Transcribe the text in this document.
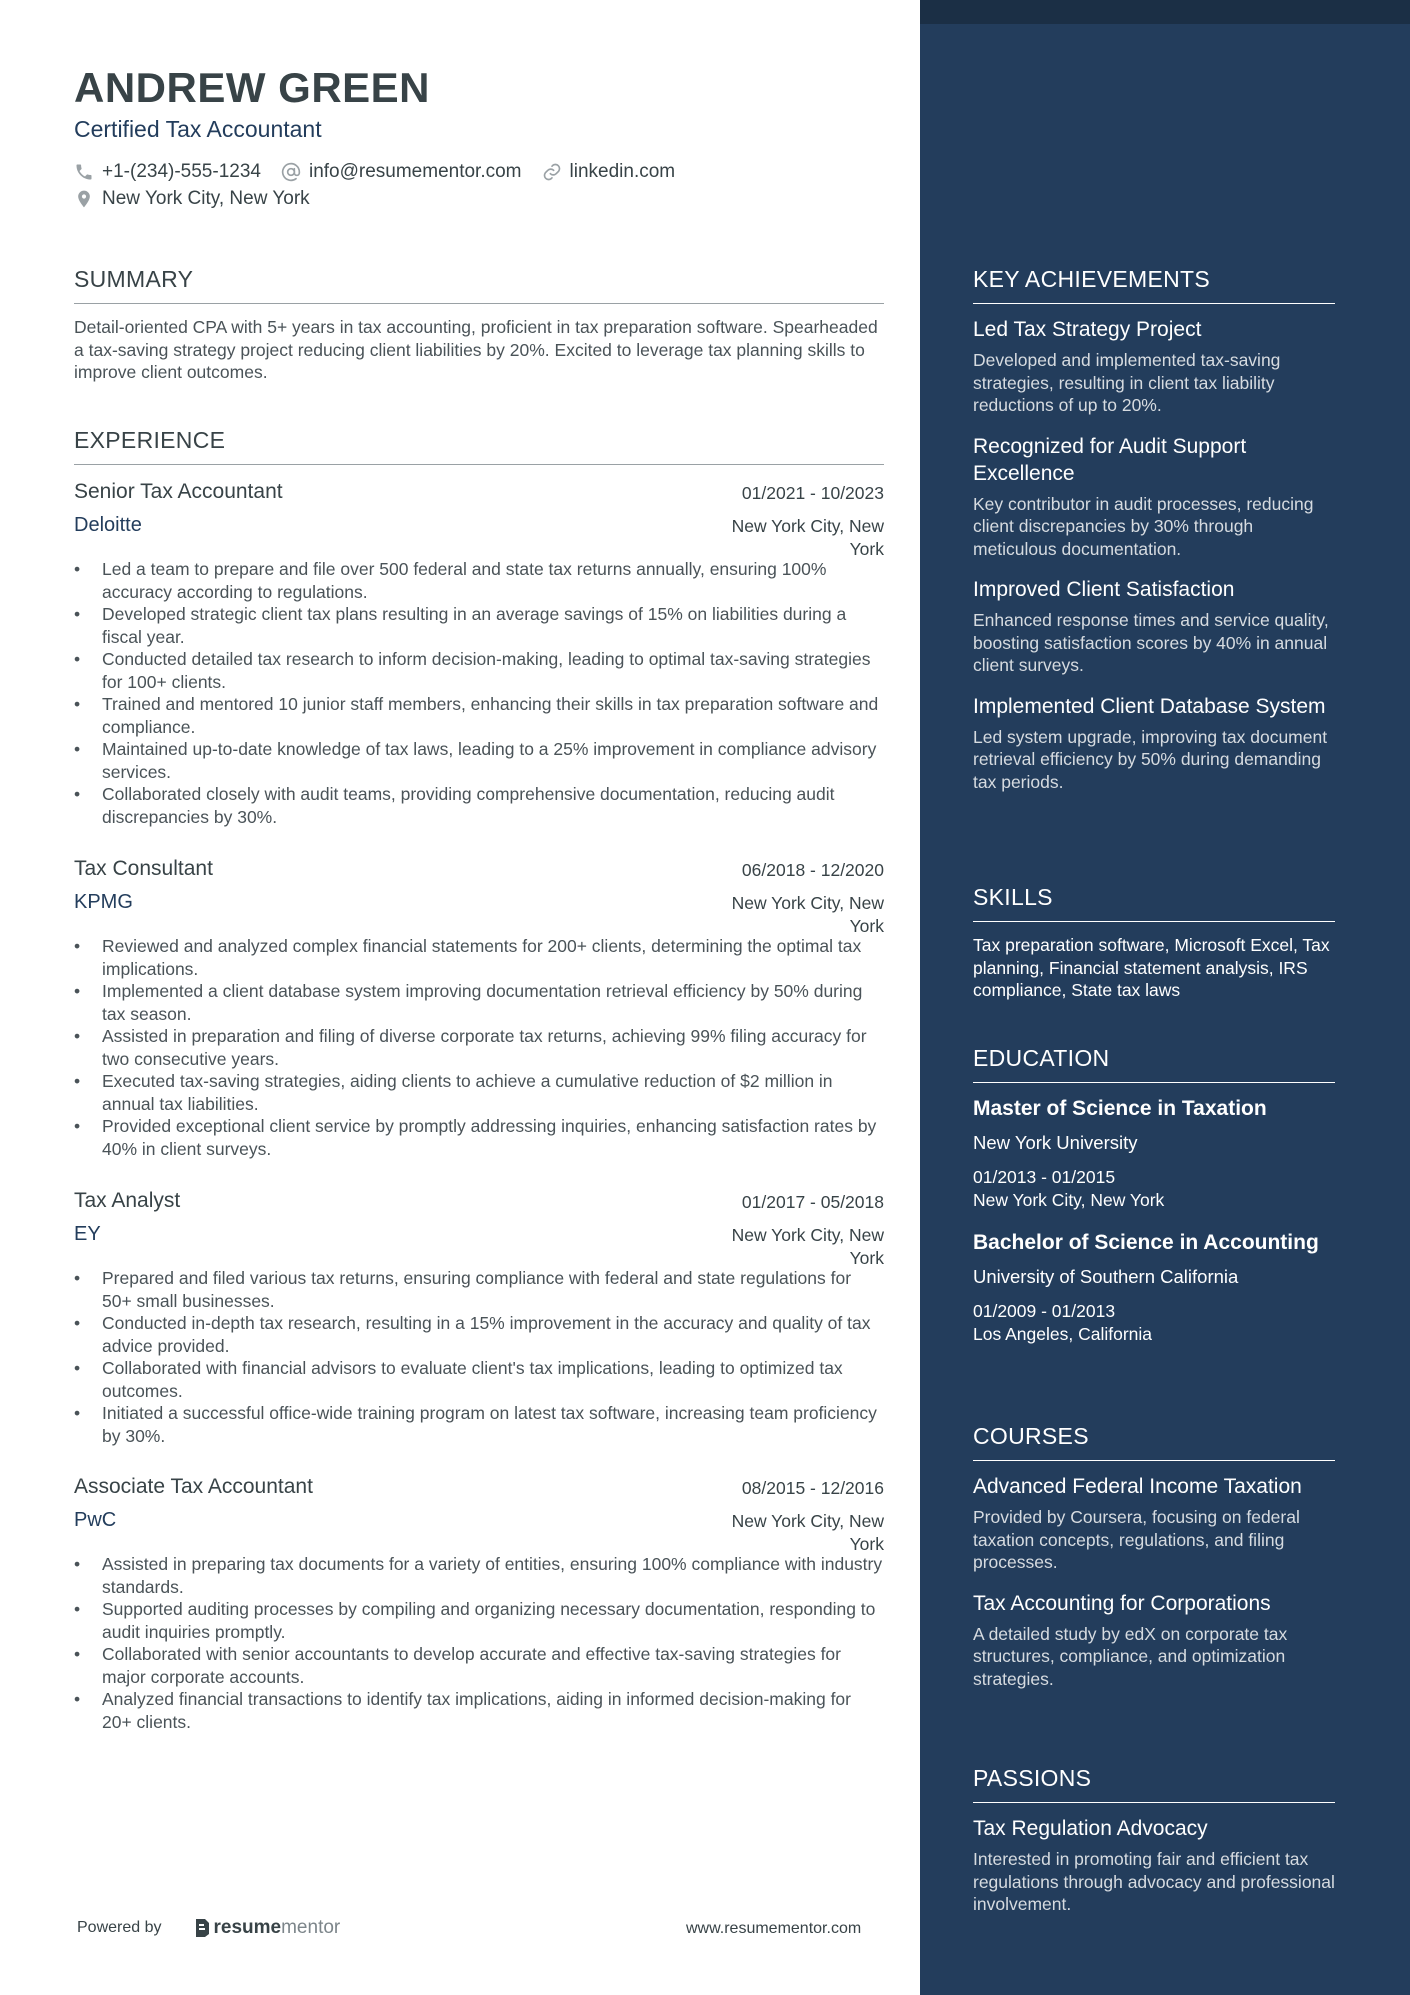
ANDREW GREEN
Certified Tax Accountant
+1-(234)-555-1234	info@resumementor.com	linkedin.com
New York City, New York
SUMMARY
Detail-oriented CPA with 5+ years in tax accounting, proficient in tax preparation software. Spearheaded a tax-saving strategy project reducing client liabilities by 20%. Excited to leverage tax planning skills to improve client outcomes.
EXPERIENCE
Senior Tax Accountant	01/2021 - 10/2023
Deloitte	New York City, New York
• Led a team to prepare and file over 500 federal and state tax returns annually, ensuring 100% accuracy according to regulations.
• Developed strategic client tax plans resulting in an average savings of 15% on liabilities during a fiscal year.
• Conducted detailed tax research to inform decision-making, leading to optimal tax-saving strategies for 100+ clients.
• Trained and mentored 10 junior staff members, enhancing their skills in tax preparation software and compliance.
• Maintained up-to-date knowledge of tax laws, leading to a 25% improvement in compliance advisory services.
• Collaborated closely with audit teams, providing comprehensive documentation, reducing audit discrepancies by 30%.
Tax Consultant	06/2018 - 12/2020
KPMG	New York City, New York
• Reviewed and analyzed complex financial statements for 200+ clients, determining the optimal tax implications.
• Implemented a client database system improving documentation retrieval efficiency by 50% during tax season.
• Assisted in preparation and filing of diverse corporate tax returns, achieving 99% filing accuracy for two consecutive years.
• Executed tax-saving strategies, aiding clients to achieve a cumulative reduction of $2 million in annual tax liabilities.
• Provided exceptional client service by promptly addressing inquiries, enhancing satisfaction rates by 40% in client surveys.
Tax Analyst	01/2017 - 05/2018
EY	New York City, New York
• Prepared and filed various tax returns, ensuring compliance with federal and state regulations for 50+ small businesses.
• Conducted in-depth tax research, resulting in a 15% improvement in the accuracy and quality of tax advice provided.
• Collaborated with financial advisors to evaluate client's tax implications, leading to optimized tax outcomes.
• Initiated a successful office-wide training program on latest tax software, increasing team proficiency by 30%.
Associate Tax Accountant	08/2015 - 12/2016
PwC	New York City, New York
• Assisted in preparing tax documents for a variety of entities, ensuring 100% compliance with industry standards.
• Supported auditing processes by compiling and organizing necessary documentation, responding to audit inquiries promptly.
• Collaborated with senior accountants to develop accurate and effective tax-saving strategies for major corporate accounts.
• Analyzed financial transactions to identify tax implications, aiding in informed decision-making for 20+ clients.
Powered by	resume mentor	www.resumementor.com
KEY ACHIEVEMENTS
Led Tax Strategy Project
Developed and implemented tax-saving strategies, resulting in client tax liability reductions of up to 20%.
Recognized for Audit Support Excellence
Key contributor in audit processes, reducing client discrepancies by 30% through meticulous documentation.
Improved Client Satisfaction
Enhanced response times and service quality, boosting satisfaction scores by 40% in annual client surveys.
Implemented Client Database System
Led system upgrade, improving tax document retrieval efficiency by 50% during demanding tax periods.
SKILLS
Tax preparation software, Microsoft Excel, Tax planning, Financial statement analysis, IRS compliance, State tax laws
EDUCATION
Master of Science in Taxation
New York University
01/2013 - 01/2015
New York City, New York
Bachelor of Science in Accounting
University of Southern California
01/2009 - 01/2013
Los Angeles, California
COURSES
Advanced Federal Income Taxation
Provided by Coursera, focusing on federal taxation concepts, regulations, and filing processes.
Tax Accounting for Corporations
A detailed study by edX on corporate tax structures, compliance, and optimization strategies.
PASSIONS
Tax Regulation Advocacy
Interested in promoting fair and efficient tax regulations through advocacy and professional involvement.
